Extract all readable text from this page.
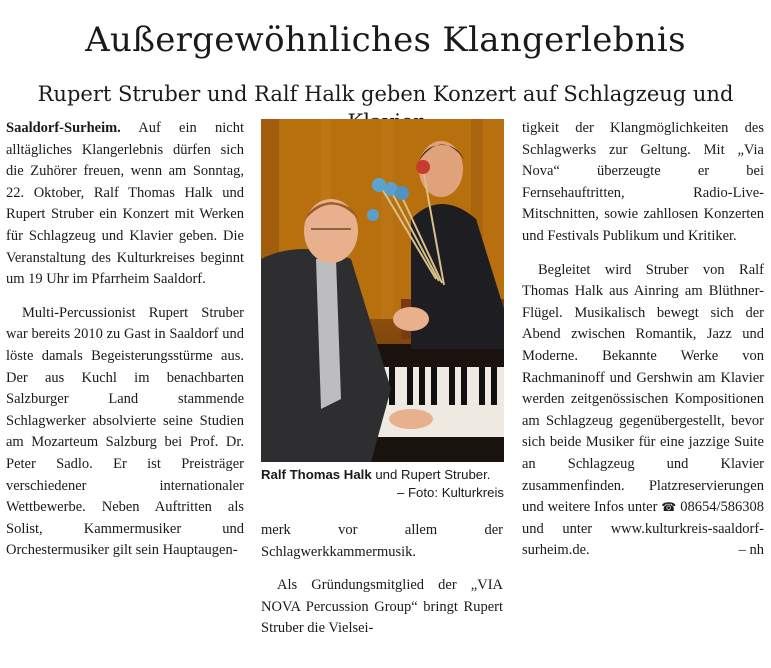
Außergewöhnliches Klangerlebnis
Rupert Struber und Ralf Halk geben Konzert auf Schlagzeug und

Saaldorf-Surheim. Auf ein nicht alltägliches Klangerlebnis dürfen sich die Zuhörer freuen, wenn am Sonntag, 22. Oktober, Ralf Thomas Halk und Rupert Struber ein Konzert mit Werken für Schlagzeug und Klavier geben. Die Veranstaltung des Kulturkreises beginnt um 19 Uhr im Pfarrheim Saaldorf.

Multi-Percussionist Rupert Struber war bereits 2010 zu Gast in Saaldorf und löste damals Begeisterungsstürme aus. Der aus Kuchl im benachbarten Salzburger Land stammende Schlagwerker absolvierte seine Studien am Mozarteum Salzburg bei Prof. Dr. Peter Sadlo. Er ist Preisträger verschiedener internationaler Wettbewerbe. Neben Auftritten als Solist, Kammermusiker und Orchestermusiker gilt sein Hauptaugen-

Ralf Thomas Halk und Rupert Struber.
– Foto: Kulturkreis

merk vor allem der Schlagwerkkammermusik.

Als Gründungsmitglied der „VIA NOVA Percussion Group“ bringt Rupert Struber die Vielsei-

tigkeit der Klangmöglichkeiten des Schlagwerks zur Geltung. Mit „Via Nova“ überzeugte er bei Fernsehauftritten, Radio-Live-Mitschnitten, sowie zahllosen Konzerten und Festivals Publikum und Kritiker.

Begleitet wird Struber von Ralf Thomas Halk aus Ainring am Blüthner-Flügel. Musikalisch bewegt sich der Abend zwischen Romantik, Jazz und Moderne. Bekannte Werke von Rachmaninoff und Gershwin am Klavier werden zeitgenössischen Kompositionen am Schlagzeug gegenübergestellt, bevor sich beide Musiker für eine jazzige Suite an Schlagzeug und Klavier zusammenfinden. Platzreservierungen und weitere Infos unter ☎ 08654/586308 und unter www.kulturkreis-saaldorf-surheim.de.	– nh
